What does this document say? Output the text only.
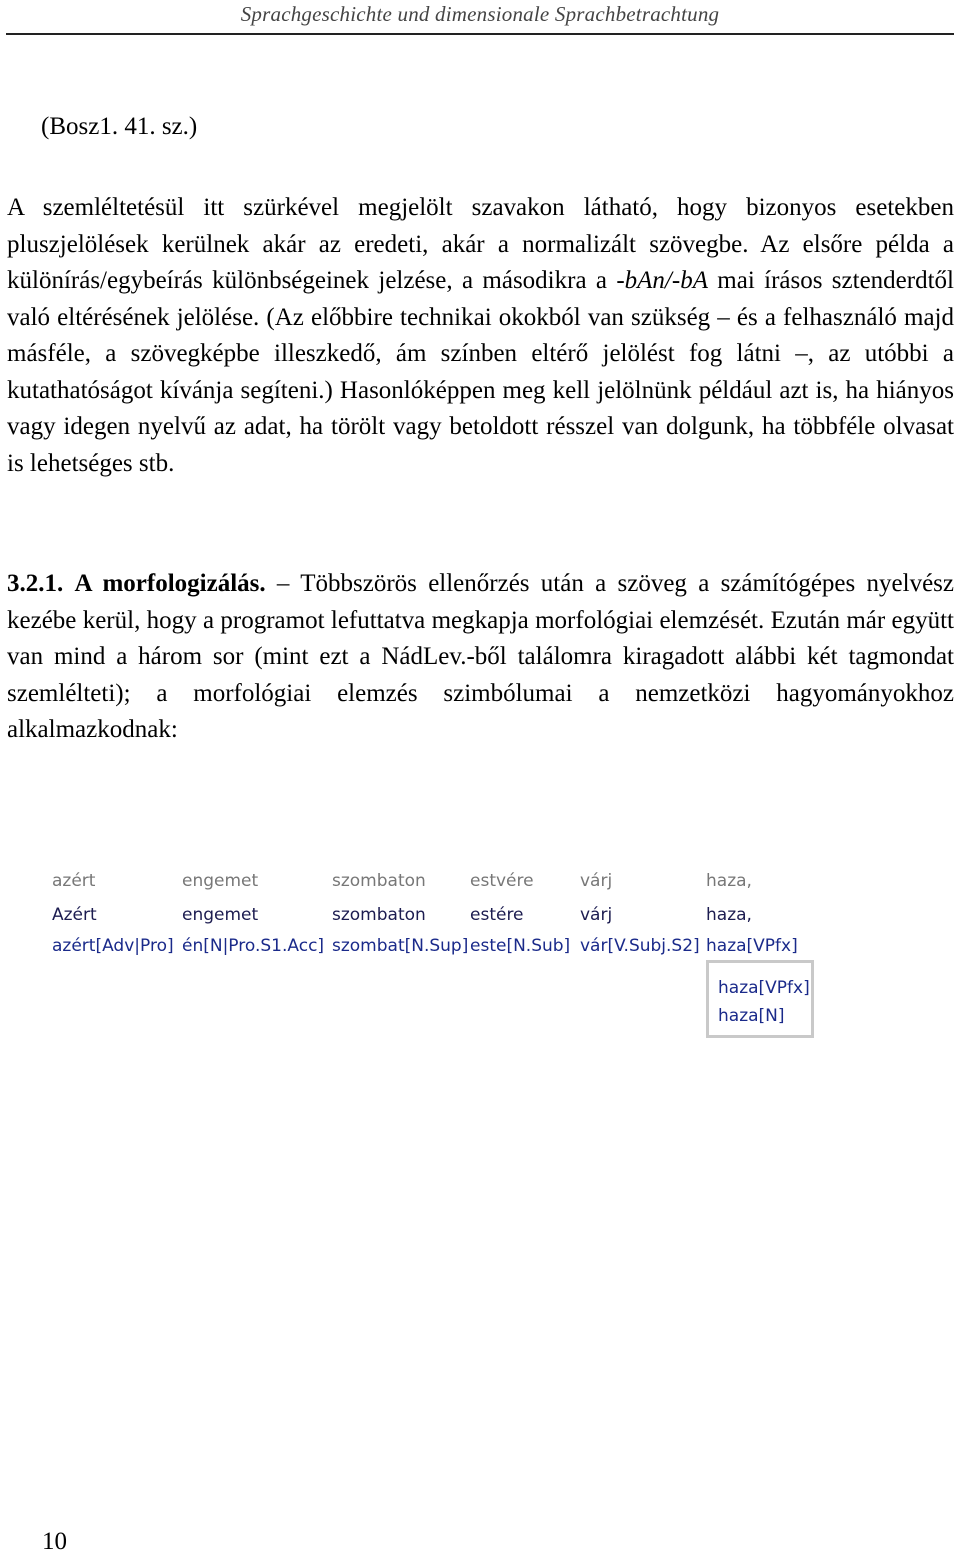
Sprachgeschichte und dimensionale Sprachbetrachtung
(Bosz1. 41. sz.)
A szemléltetésül itt szürkével megjelölt szavakon látható, hogy bizonyos esetekben pluszjelölések kerülnek akár az eredeti, akár a normalizált szövegbe. Az elsőre példa a különírás/egybeírás különbségeinek jelzése, a másodikra a -bAn/-bA mai írásos sztenderdtől való eltérésének jelölése. (Az előbbire technikai okokból van szükség – és a felhasználó majd másféle, a szövegképbe illeszkedő, ám színben eltérő jelölést fog látni –, az utóbbi a kutathatóságot kívánja segíteni.) Hasonlóképpen meg kell jelölnünk például azt is, ha hiányos vagy idegen nyelvű az adat, ha törölt vagy betoldott résszel van dolgunk, ha többféle olvasat is lehetséges stb.
3.2.1. A morfologizálás. – Többszörös ellenőrzés után a szöveg a számítógépes nyelvész kezébe kerül, hogy a programot lefuttatva megkapja morfológiai elemzését. Ezután már együtt van mind a három sor (mint ezt a NádLev.-ből találomra kiragadott alábbi két tagmondat szemlélteti); a morfológiai elemzés szimbólumai a nemzetközi hagyományokhoz alkalmazkodnak:
azért	engemet	szombaton	estvére	várj	haza,
Azért	engemet	szombaton	estére	várj	haza,
azért[Adv|Pro] én[N|Pro.S1.Acc] szombat[N.Sup] este[N.Sub] vár[V.Subj.S2] haza[VPfx]
haza[VPfx]
haza[N]
10
